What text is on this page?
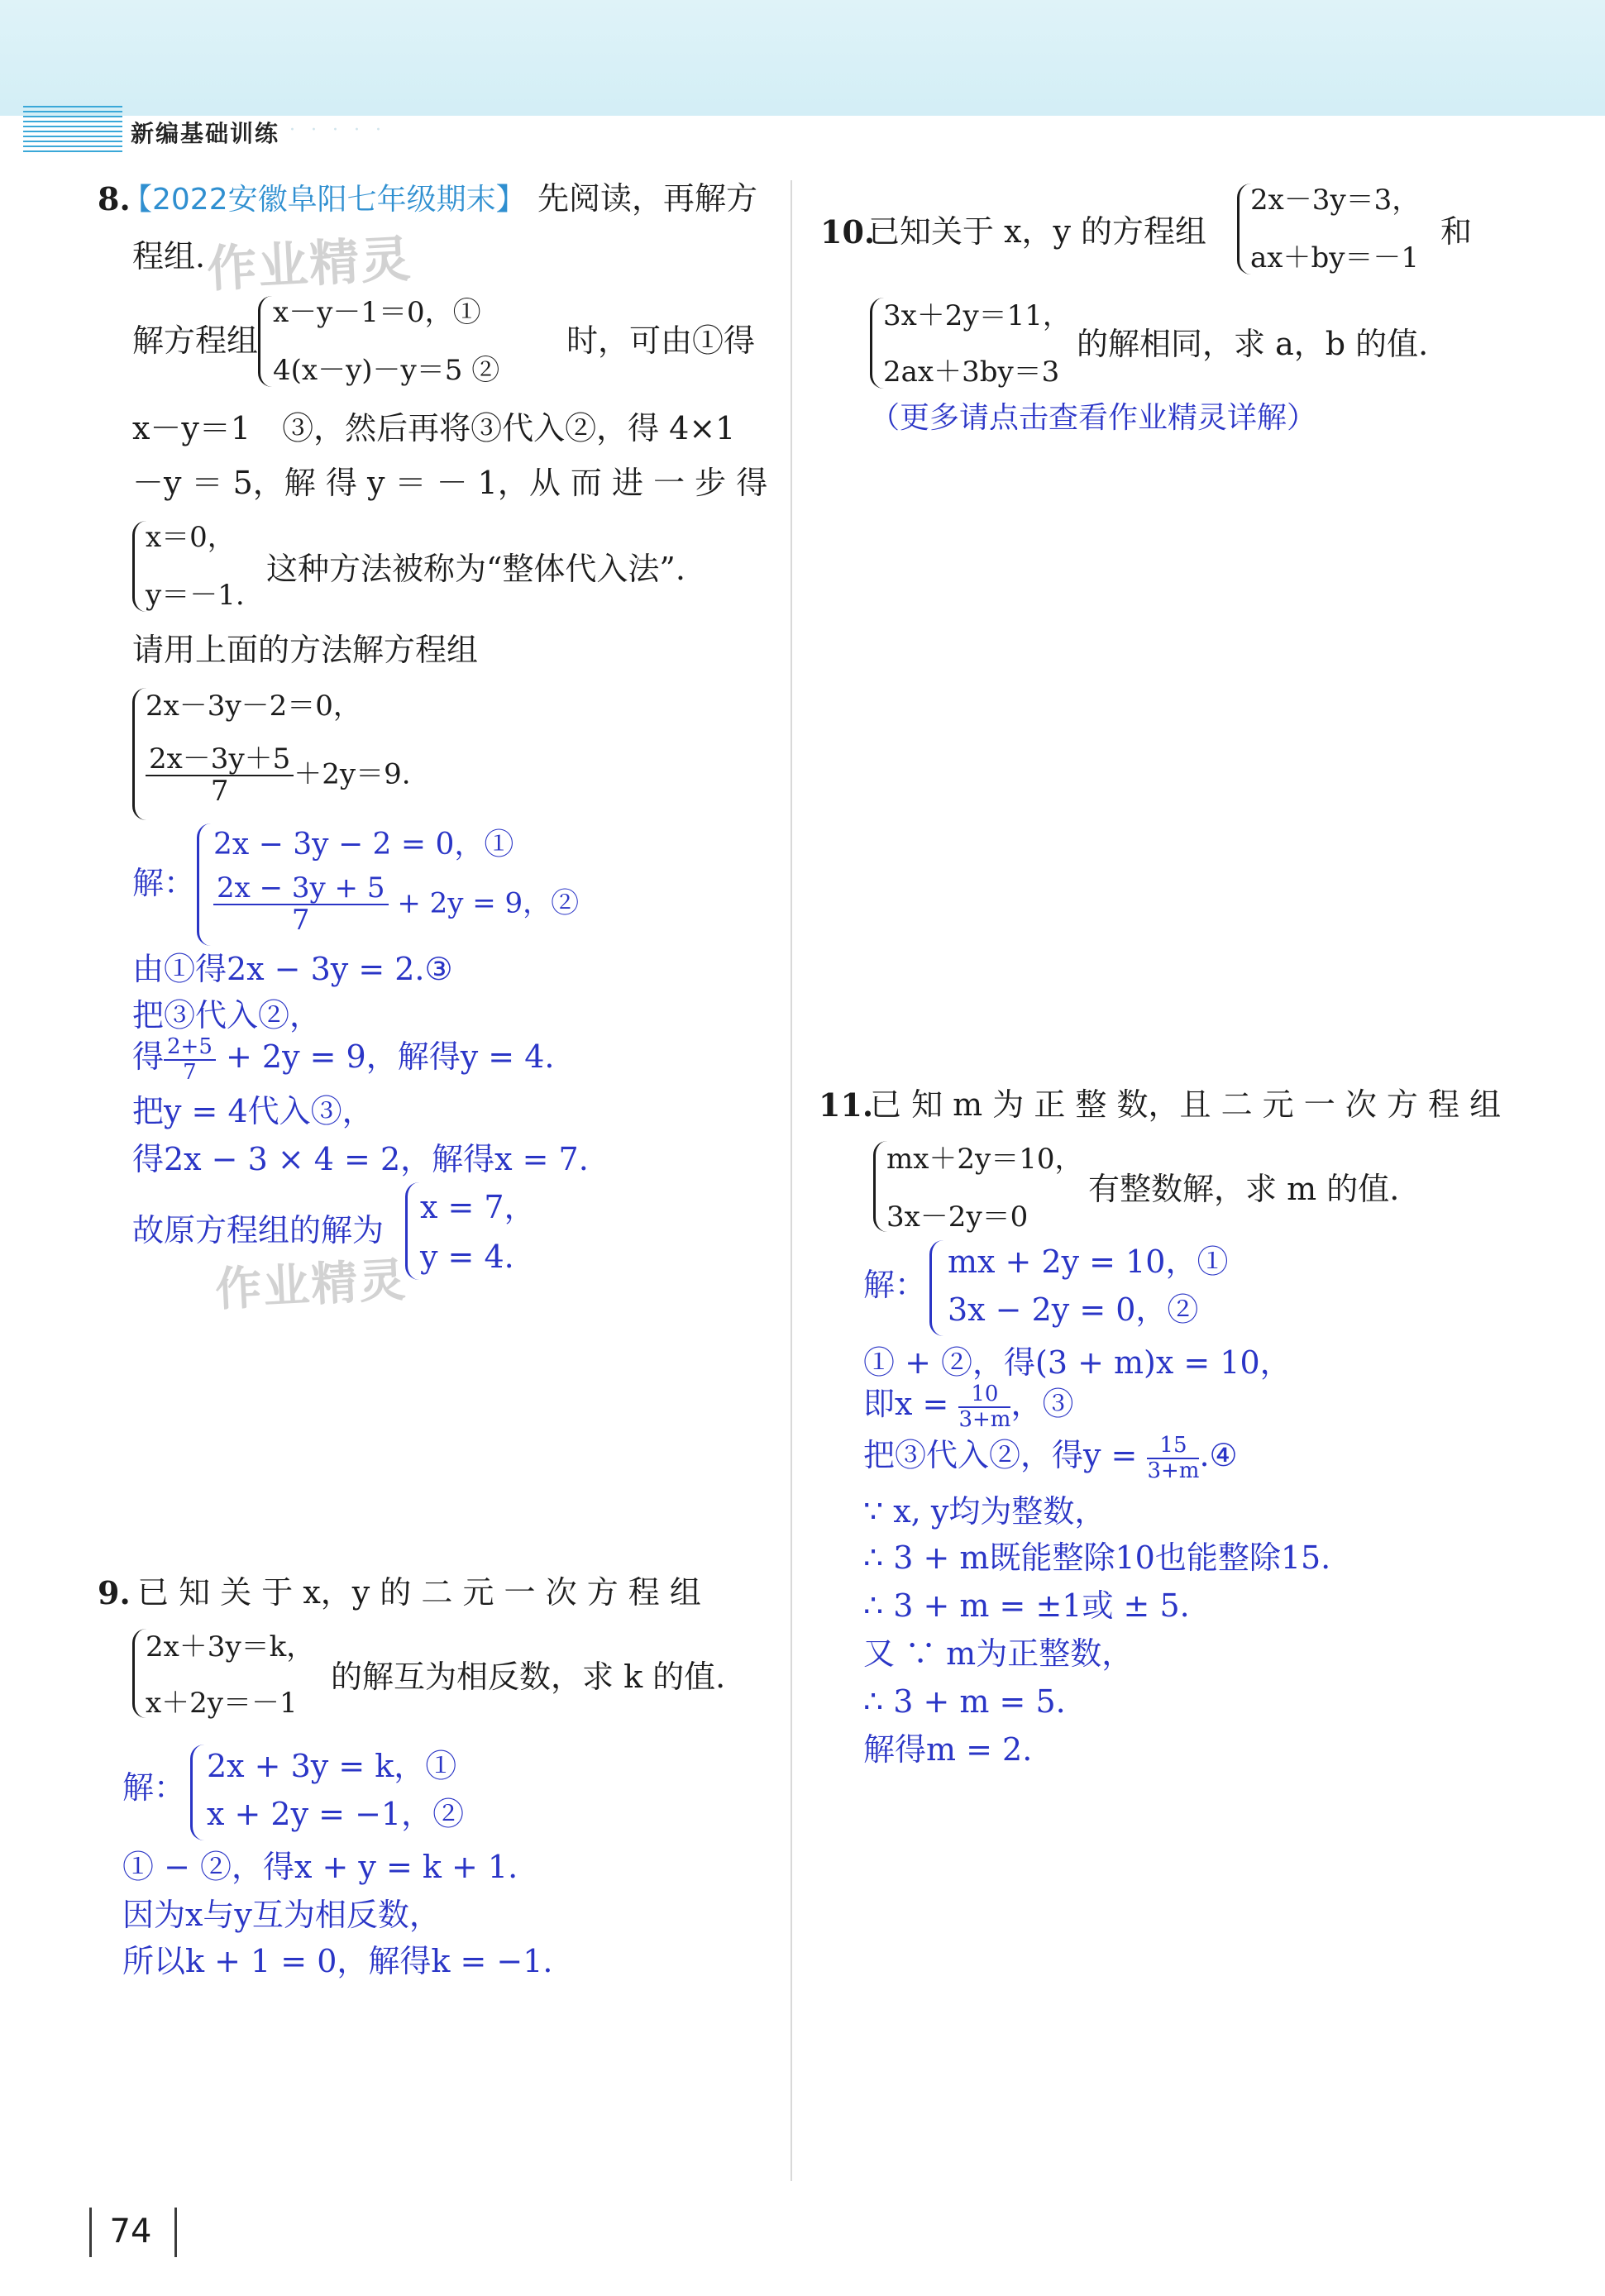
新编基础训练 · · · · ·
8.
【2022安徽阜阳七年级期末】 先阅读，再解方
程组. 作业精灵
解方程组
x－y－1＝0，①
4(x－y)－y＝5 ②
时，可由①得
x－y＝1　③，然后再将③代入②，得 4×1
－y ＝ 5，解 得 y ＝ － 1，从 而 进 一 步 得
x＝0，
y＝－1.
这种方法被称为“整体代入法”.
请用上面的方法解方程组
2x－3y－2＝0，
$\frac{2x-3y+5}{7} +2y=9$.
解：
2x − 3y − 2 = 0，①
$\frac{2x - 3y + 5}{7} + 2y = 9$，②
由①得2x − 3y = 2.③
把③代入②，
得 $\frac{2+5}{7} + 2y = 9$，解得y = 4.
把y = 4代入③，
得2x − 3 × 4 = 2，解得x = 7.
故原方程组的解为
x = 7，
y = 4.
作业精灵
9. 已 知 关 于 x，y 的 二 元 一 次 方 程 组
2x＋3y＝k，
x＋2y＝－1
的解互为相反数，求 k 的值.
解：
2x + 3y = k，①
x + 2y = −1，②
① − ②，得x + y = k + 1.
因为x与y互为相反数，
所以k + 1 = 0，解得k = −1.
10.
已知关于 x，y 的方程组
2x－3y＝3，
ax＋by＝－1
和
3x＋2y＝11，
2ax＋3by＝3
的解相同，求 a，b 的值.
（更多请点击查看作业精灵详解）
11.
已 知 m 为 正 整 数，且 二 元 一 次 方 程 组
mx＋2y＝10，
3x－2y＝0
有整数解，求 m 的值.
解：
mx + 2y = 10，①
3x − 2y = 0，②
① + ②，得(3 + m)x = 10，
即$x = \frac{10}{3+m}$ ，③
把③代入②，得$y = \frac{15}{3+m}$ .④
∵ x, y均为整数，
∴ 3 + m既能整除10也能整除15.
∴ 3 + m = ±1或 ± 5.
又 ∵ m为正整数，
∴ 3 + m = 5.
解得m = 2.
74
